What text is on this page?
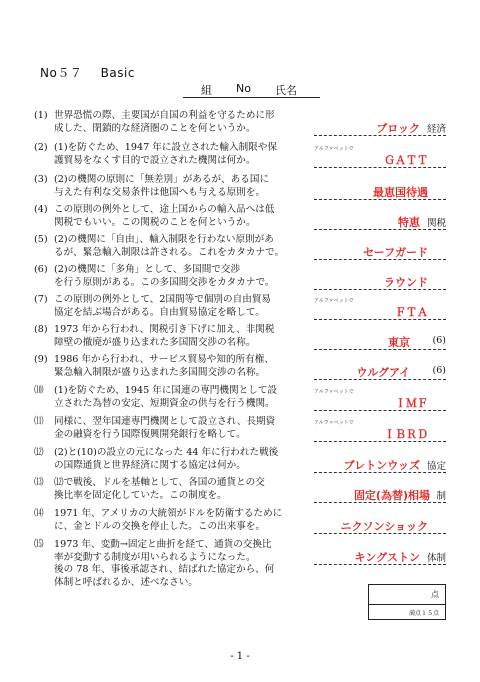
No５７ Basic
組 No 氏名
(1) 世界恐慌の際、主要国が自国の利益を守るために形
成した、閉鎖的な経済圏のことを何というか。	ブロック 経済
(2) (1)を防ぐため、1947 年に設立された輸入制限や保
護貿易をなくす目的で設立された機関は何か。
アルファベットで
ＧＡＴＴ
(3) (2)の機関の原則に「無差別」があるが、ある国に
与えた有利な交易条件は他国へも与える原則を。	最恵国待遇
(4) この原則の例外として、途上国からの輸入品へは低
関税でもいい。この関税のことを何というか。	特恵 関税
(5) (2)の機関に「自由」、輸入制限を行わない原則があ
るが、緊急輸入制限は許される。これをカタカナで。	セーフガード
(6) (2)の機関に「多角」として、多国間で交渉
を行う原則がある。この多国間交渉をカタカナで。	ラウンド
(7) この原則の例外として、2国間等で個別の自由貿易
協定を結ぶ場合がある。自由貿易協定を略して。
アルファベットで
ＦＴＡ
(8) 1973 年から行われ、関税引き下げに加え、非関税
障壁の撤廃が盛り込まれた多国間交渉の名称。	東京 (6)
(9) 1986 年から行われ、サービス貿易や知的所有権、
緊急輸入制限が盛り込まれた多国間交渉の名称。	ウルグアイ (6)
⑽	(1)を防ぐため、1945 年に国連の専門機関として設
立された為替の安定、短期資金の供与を行う機関。
アルファベットで
ＩＭＦ
⑾	同様に、翌年国連専門機関として設立され、長期資
金の融資を行う国際復興開発銀行を略して。
アルファベットで
ＩＢＲＤ
⑿	(2)と(10)の設立の元になった 44 年に行われた戦後
の国際通貨と世界経済に関する協定は何か。	ブレトンウッズ 協定
⒀	⑿で戦後、ドルを基軸として、各国の通貨との交
換比率を固定化していた。この制度を。	固定(為替)相場 制
⒁	1971 年、アメリカの大統領がドルを防衛するために
に、金とドルの交換を停止した。この出来事を。	ニクソンショック
⒂	1973 年、変動→固定と曲折を経て、通貨の交換比
率が変動する制度が用いられるようになった。
後の 78 年、事後承認され、結ばれた協定から、何
体制と呼ばれるか、述べなさい。
キングストン 体制
点
満点１５点
- 1 -
